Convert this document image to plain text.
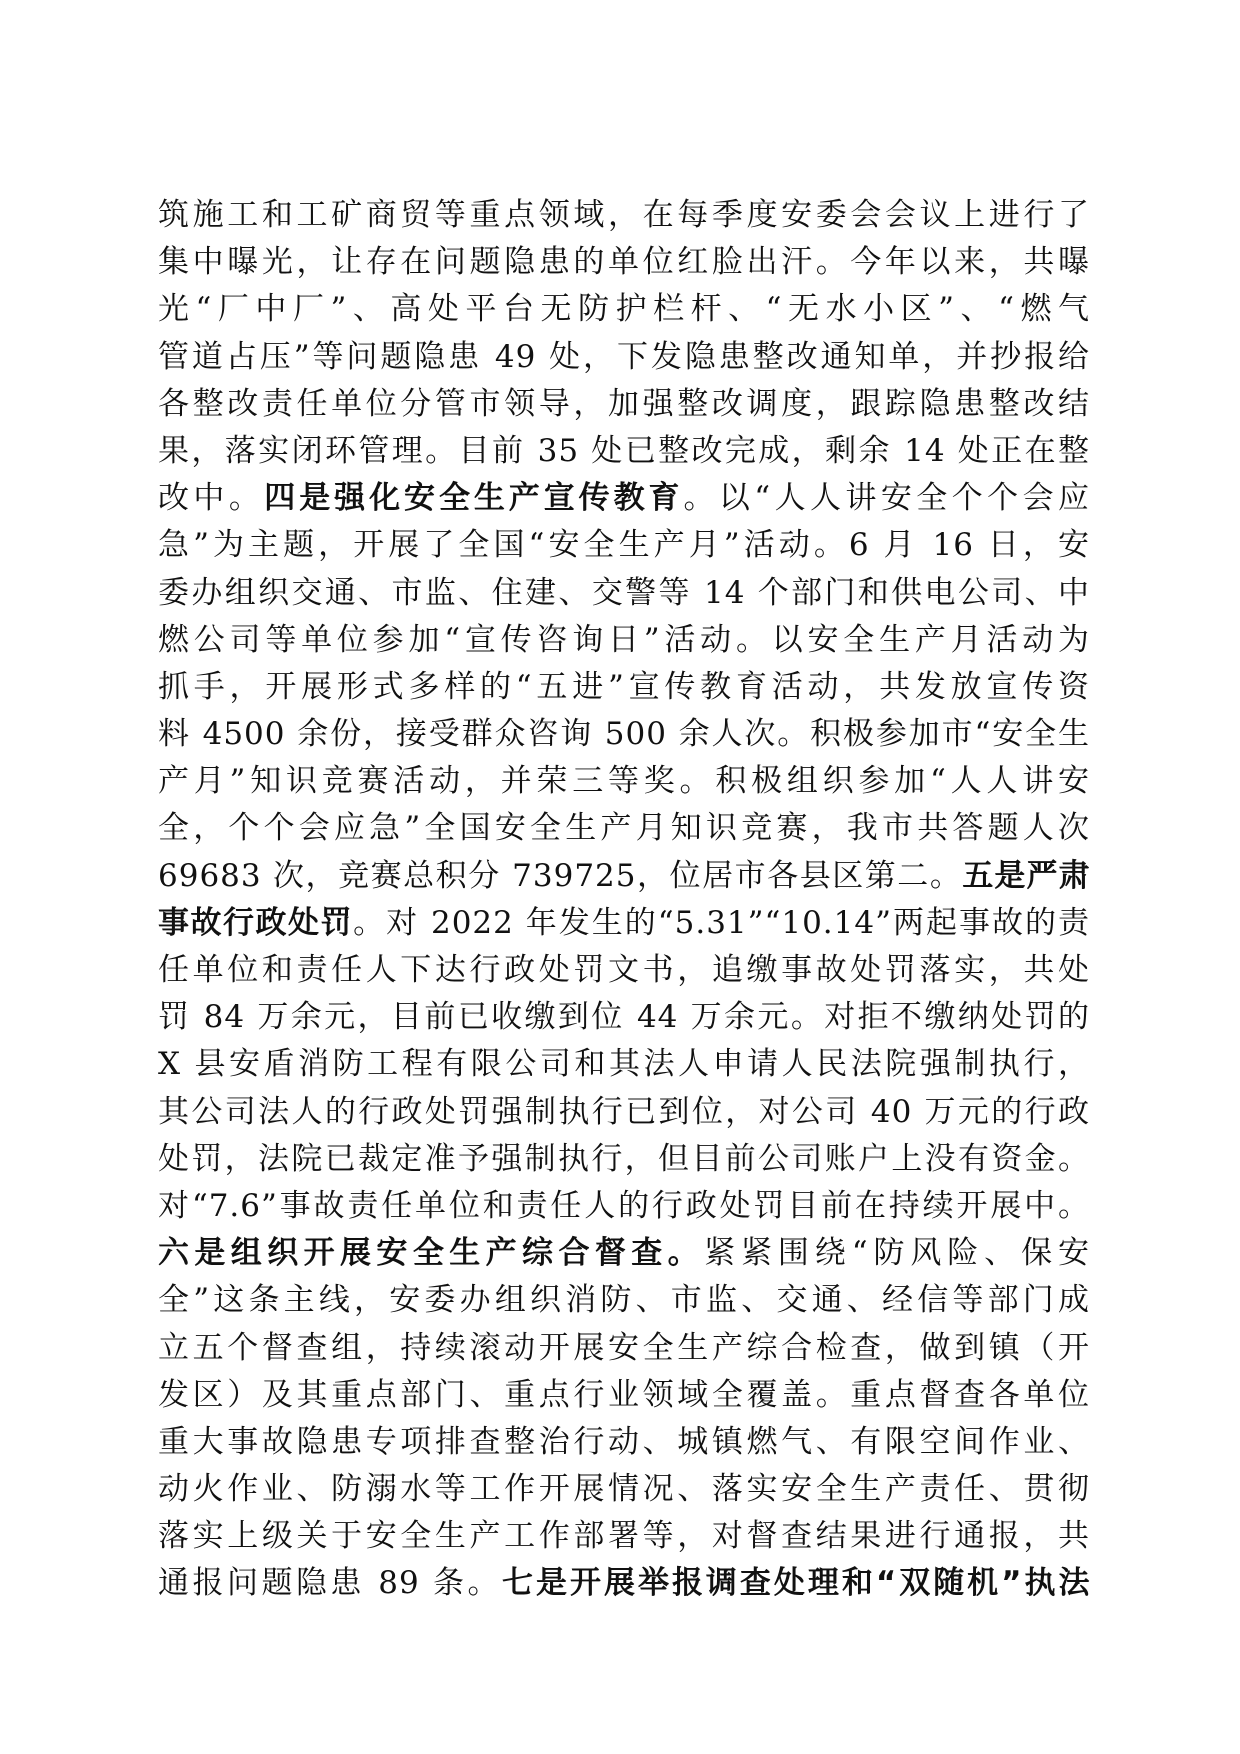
筑施工和工矿商贸等重点领域，在每季度安委会会议上进行了
集中曝光，让存在问题隐患的单位红脸出汗。今年以来，共曝
光“厂中厂”、高处平台无防护栏杆、“无水小区”、“燃气
管道占压”等问题隐患 49 处，下发隐患整改通知单，并抄报给
各整改责任单位分管市领导，加强整改调度，跟踪隐患整改结
果，落实闭环管理。目前 35 处已整改完成，剩余 14 处正在整
改中。四是强化安全生产宣传教育。以“人人讲安全个个会应
急”为主题，开展了全国“安全生产月”活动。6 月 16 日，安
委办组织交通、市监、住建、交警等 14 个部门和供电公司、中
燃公司等单位参加“宣传咨询日”活动。以安全生产月活动为
抓手，开展形式多样的“五进”宣传教育活动，共发放宣传资
料 4500 余份，接受群众咨询 500 余人次。积极参加市“安全生
产月”知识竞赛活动，并荣三等奖。积极组织参加“人人讲安
全，个个会应急”全国安全生产月知识竞赛，我市共答题人次
69683 次，竞赛总积分 739725，位居市各县区第二。五是严肃
事故行政处罚。对 2022 年发生的“5.31”“10.14”两起事故的责
任单位和责任人下达行政处罚文书，追缴事故处罚落实，共处
罚 84 万余元，目前已收缴到位 44 万余元。对拒不缴纳处罚的
X 县安盾消防工程有限公司和其法人申请人民法院强制执行，
其公司法人的行政处罚强制执行已到位，对公司 40 万元的行政
处罚，法院已裁定准予强制执行，但目前公司账户上没有资金。
对“7.6”事故责任单位和责任人的行政处罚目前在持续开展中。
六是组织开展安全生产综合督查。紧紧围绕“防风险、保安
全”这条主线，安委办组织消防、市监、交通、经信等部门成
立五个督查组，持续滚动开展安全生产综合检查，做到镇（开
发区）及其重点部门、重点行业领域全覆盖。重点督查各单位
重大事故隐患专项排查整治行动、城镇燃气、有限空间作业、
动火作业、防溺水等工作开展情况、落实安全生产责任、贯彻
落实上级关于安全生产工作部署等，对督查结果进行通报，共
通报问题隐患 89 条。七是开展举报调查处理和“双随机”执法
